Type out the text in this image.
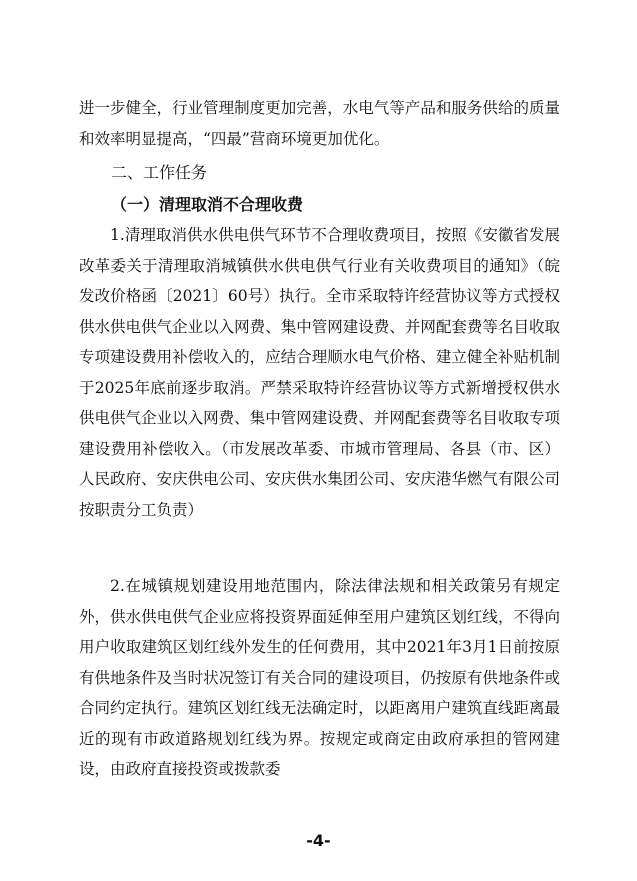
进一步健全，行业管理制度更加完善，水电气等产品和服务供给的质量和效率明显提高，“四最”营商环境更加优化。
二、工作任务
（一）清理取消不合理收费
1.清理取消供水供电供气环节不合理收费项目，按照《安徽省发展改革委关于清理取消城镇供水供电供气行业有关收费项目的通知》（皖发改价格函〔2021〕60号）执行。全市采取特许经营协议等方式授权供水供电供气企业以入网费、集中管网建设费、并网配套费等名目收取专项建设费用补偿收入的，应结合理顺水电气价格、建立健全补贴机制于2025年底前逐步取消。严禁采取特许经营协议等方式新增授权供水供电供气企业以入网费、集中管网建设费、并网配套费等名目收取专项建设费用补偿收入。（市发展改革委、市城市管理局、各县（市、区）人民政府、安庆供电公司、安庆供水集团公司、安庆港华燃气有限公司按职责分工负责）
2.在城镇规划建设用地范围内，除法律法规和相关政策另有规定外，供水供电供气企业应将投资界面延伸至用户建筑区划红线，不得向用户收取建筑区划红线外发生的任何费用，其中2021年3月1日前按原有供地条件及当时状况签订有关合同的建设项目，仍按原有供地条件或合同约定执行。建筑区划红线无法确定时，以距离用户建筑直线距离最近的现有市政道路规划红线为界。按规定或商定由政府承担的管网建设，由政府直接投资或拨款委
-4-
